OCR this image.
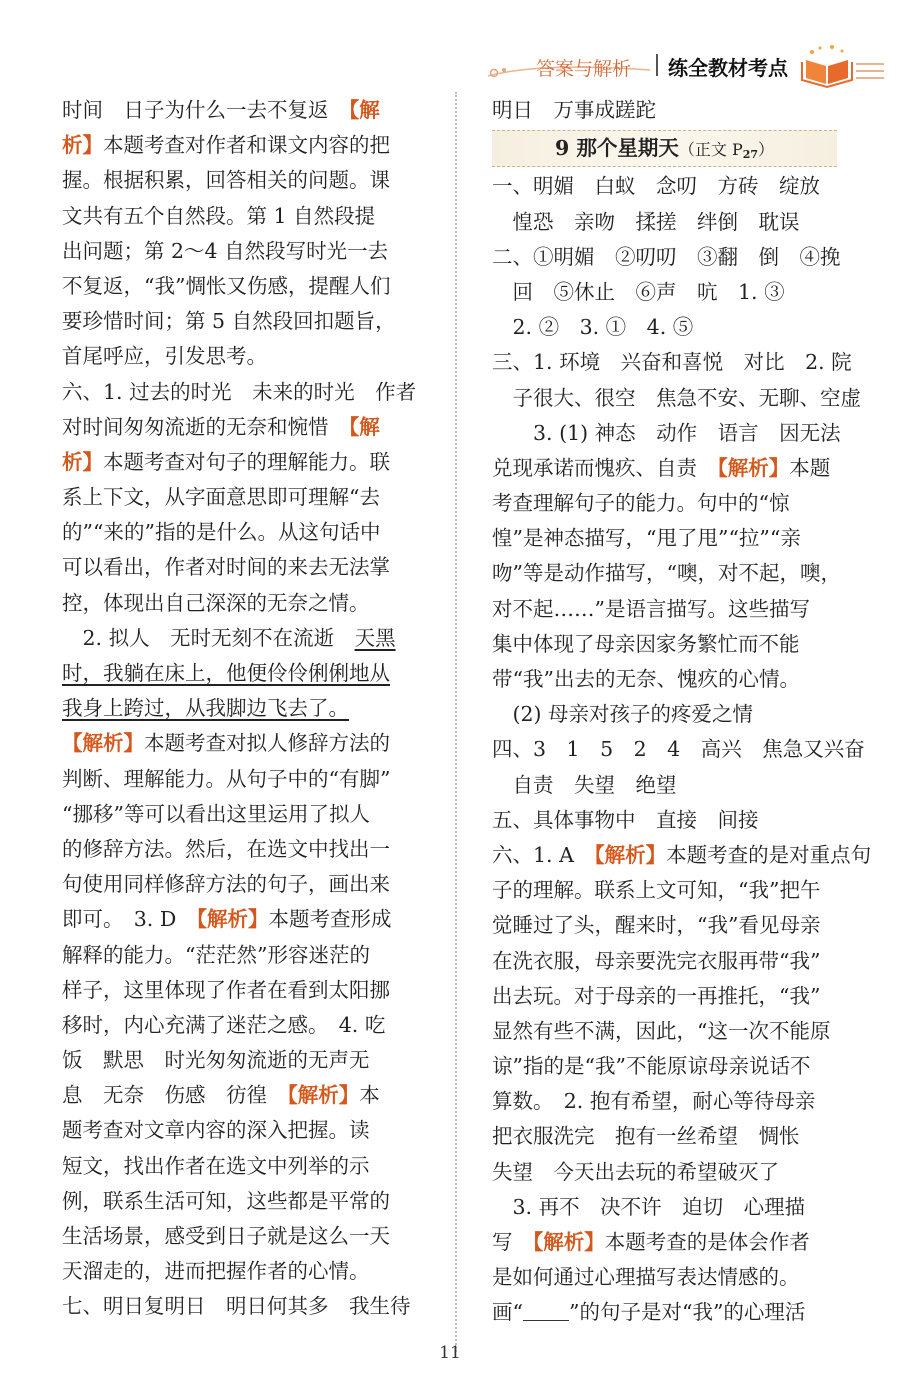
答案与解析 练全教材考点
时间　日子为什么一去不复返　【解
析】本题考查对作者和课文内容的把
握。根据积累，回答相关的问题。课
文共有五个自然段。第 1 自然段提
出问题；第 2～4 自然段写时光一去
不复返，“我”惆怅又伤感，提醒人们
要珍惜时间；第 5 自然段回扣题旨，
首尾呼应，引发思考。
六、1. 过去的时光　未来的时光　作者
对时间匆匆流逝的无奈和惋惜　【解
析】本题考查对句子的理解能力。联
系上下文，从字面意思即可理解“去
的”“来的”指的是什么。从这句话中
可以看出，作者对时间的来去无法掌
控，体现出自己深深的无奈之情。
　2. 拟人　无时无刻不在流逝　天黑
时，我躺在床上，他便伶伶俐俐地从
我身上跨过，从我脚边飞去了。
【解析】本题考查对拟人修辞方法的
判断、理解能力。从句子中的“有脚”
“挪移”等可以看出这里运用了拟人
的修辞方法。然后，在选文中找出一
句使用同样修辞方法的句子，画出来
即可。　3. D　【解析】本题考查形成
解释的能力。“茫茫然”形容迷茫的
样子，这里体现了作者在看到太阳挪
移时，内心充满了迷茫之感。　4. 吃
饭　默思　时光匆匆流逝的无声无
息　无奈　伤感　彷徨　【解析】本
题考查对文章内容的深入把握。读
短文，找出作者在选文中列举的示
例，联系生活可知，这些都是平常的
生活场景，感受到日子就是这么一天
天溜走的，进而把握作者的心情。
七、明日复明日　明日何其多　我生待
明日　万事成蹉跎
9 那个星期天（正文 $P_{27}$）
一、明媚　白蚁　念叨　方砖　绽放
　惶恐　亲吻　揉搓　绊倒　耽误
二、①明媚　②叨叨　③翻　倒　④挽
　回　⑤休止　⑥声　吭　1. ③
　2. ②　3. ①　4. ⑤
三、1. 环境　兴奋和喜悦　对比　2. 院
　子很大、很空　焦急不安、无聊、空虚
　　3. (1) 神态　动作　语言　因无法
兑现承诺而愧疚、自责　【解析】本题
考查理解句子的能力。句中的“惊
惶”是神态描写，“甩了甩”“拉”“亲
吻”等是动作描写，“噢，对不起，噢，
对不起……”是语言描写。这些描写
集中体现了母亲因家务繁忙而不能
带“我”出去的无奈、愧疚的心情。
　(2) 母亲对孩子的疼爱之情
四、3　1　5　2　4　高兴　焦急又兴奋
　自责　失望　绝望
五、具体事物中　直接　间接
六、1. A　【解析】本题考查的是对重点句
子的理解。联系上文可知，“我”把午
觉睡过了头，醒来时，“我”看见母亲
在洗衣服，母亲要洗完衣服再带“我”
出去玩。对于母亲的一再推托，“我”
显然有些不满，因此，“这一次不能原
谅”指的是“我”不能原谅母亲说话不
算数。　2. 抱有希望，耐心等待母亲
把衣服洗完　抱有一丝希望　惆怅
失望　今天出去玩的希望破灭了
　3. 再不　决不许　迫切　心理描
写　【解析】本题考查的是体会作者
是如何通过心理描写表达情感的。
画“ ”的句子是对“我”的心理活
11
